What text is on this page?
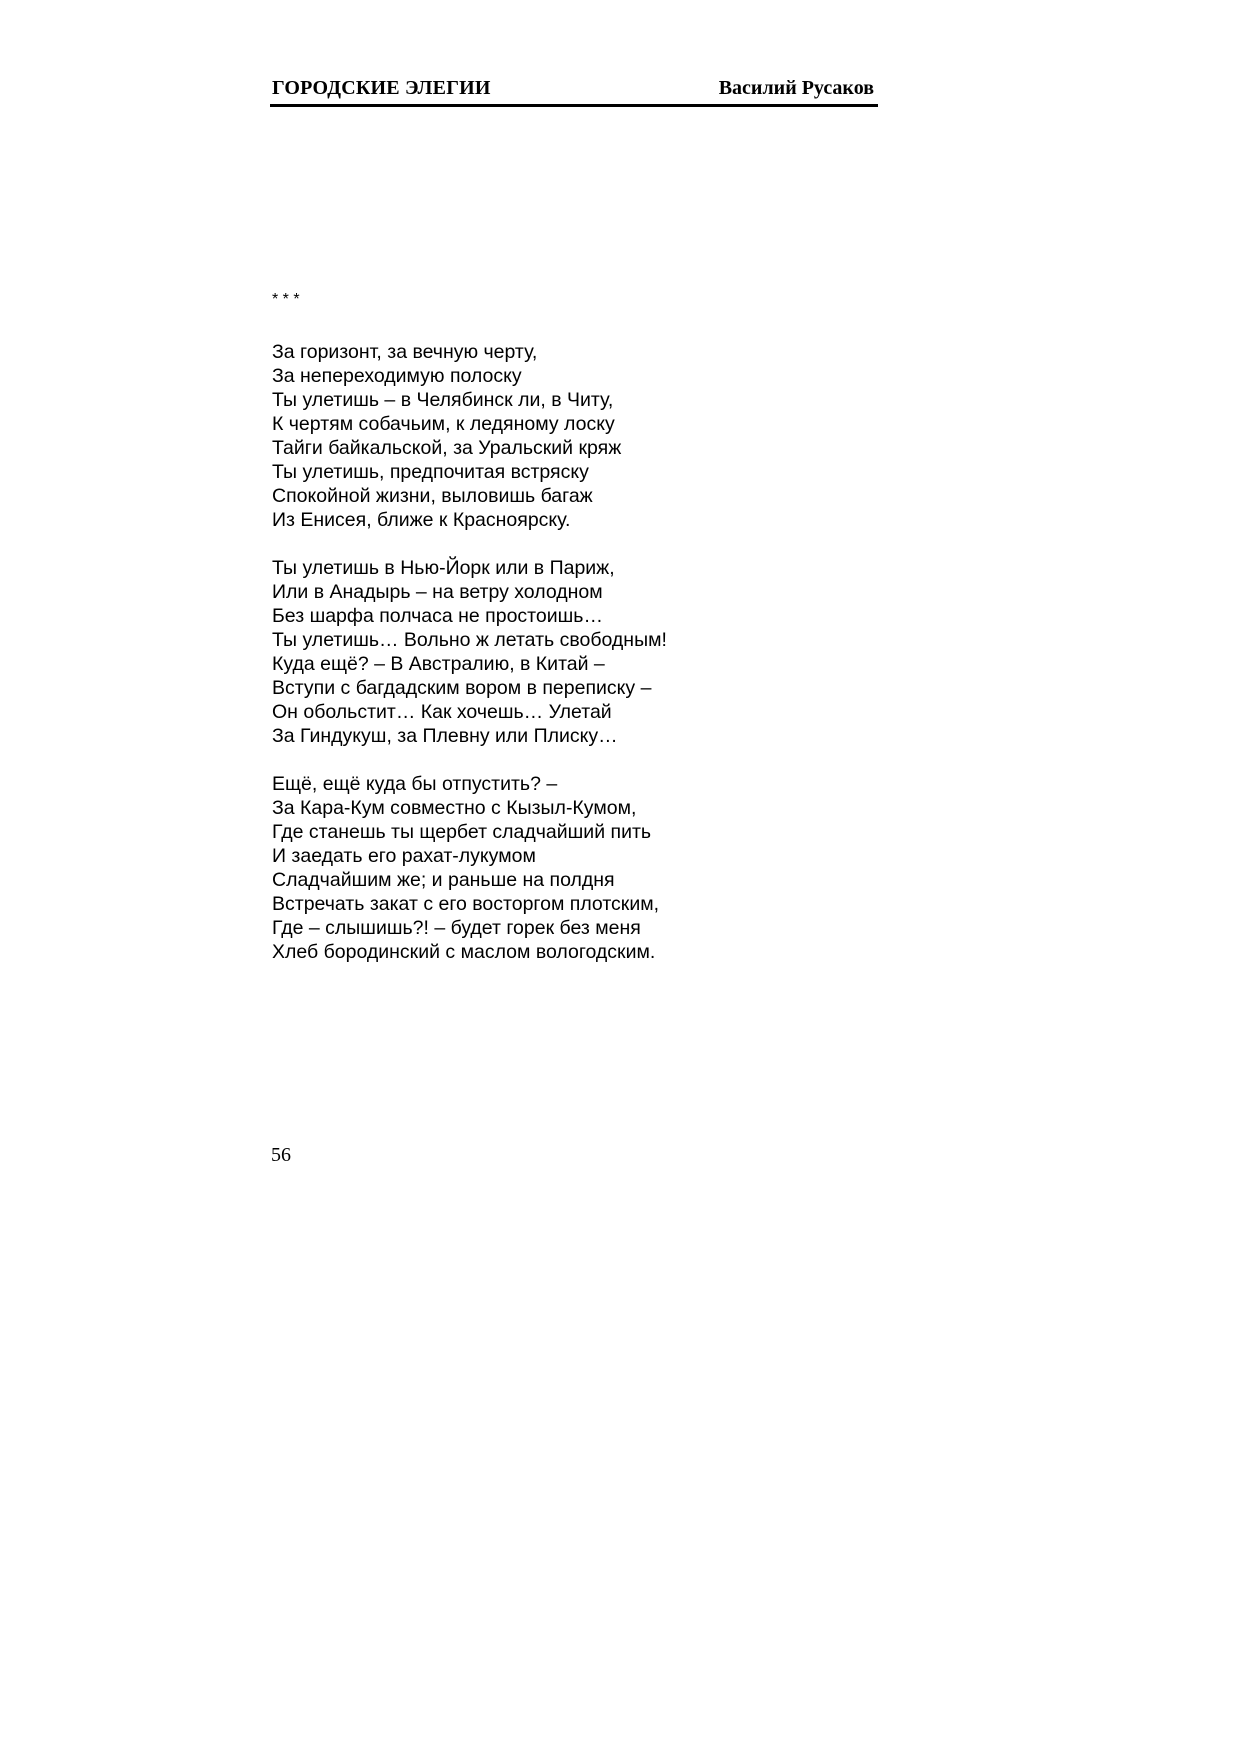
ГОРОДСКИЕ ЭЛЕГИИ	Василий Русаков
* * *
За горизонт, за вечную черту,
За непереходимую полоску
Ты улетишь – в Челябинск ли, в Читу,
К чертям собачьим, к ледяному лоску
Тайги байкальской, за Уральский кряж
Ты улетишь, предпочитая встряску
Спокойной жизни, выловишь багаж
Из Енисея, ближе к Красноярску.
Ты улетишь в Нью-Йорк или в Париж,
Или в Анадырь – на ветру холодном
Без шарфа полчаса не простоишь…
Ты улетишь… Вольно ж летать свободным!
Куда ещё? – В Австралию, в Китай –
Вступи с багдадским вором в переписку –
Он обольстит… Как хочешь… Улетай
За Гиндукуш, за Плевну или Плиску…
Ещё, ещё куда бы отпустить? –
За Кара-Кум совместно с Кызыл-Кумом,
Где станешь ты щербет сладчайший пить
И заедать его рахат-лукумом
Сладчайшим же; и раньше на полдня
Встречать закат с его восторгом плотским,
Где – слышишь?! – будет горек без меня
Хлеб бородинский с маслом вологодским.
56
